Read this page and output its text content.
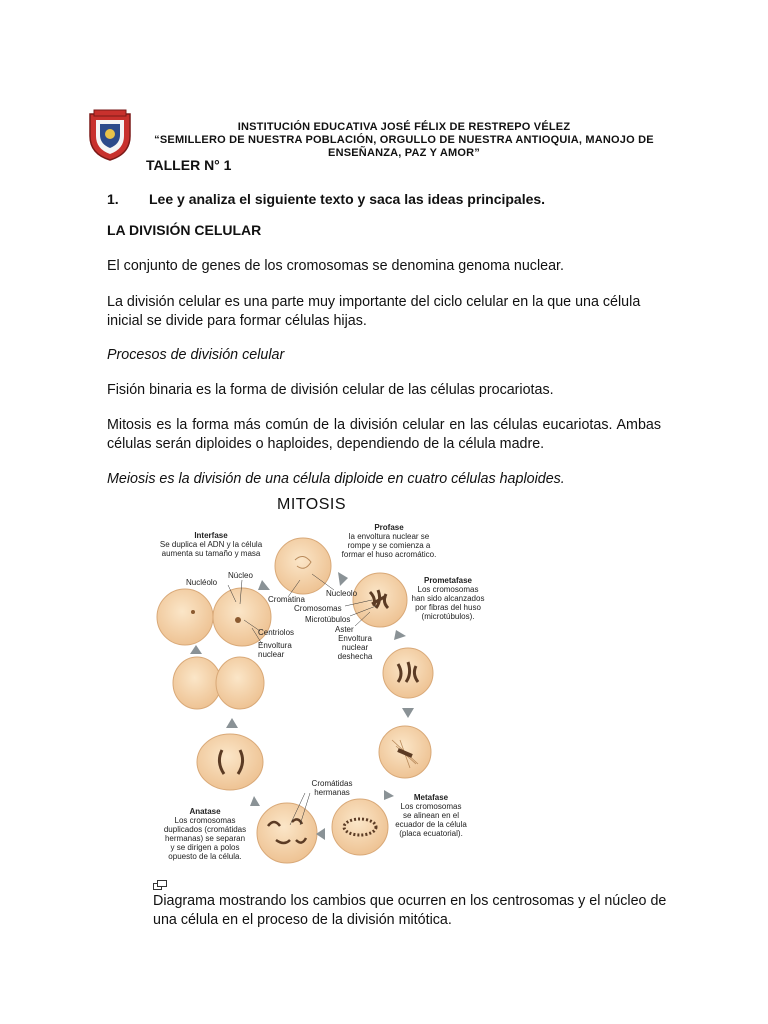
INSTITUCIÓN EDUCATIVA JOSÉ FÉLIX DE RESTREPO VÉLEZ
“SEMILLERO DE NUESTRA POBLACIÓN, ORGULLO DE NUESTRA ANTIOQUIA, MANOJO DE
ENSEÑANZA, PAZ Y AMOR”
TALLER N° 1
1. Lee y analiza el siguiente texto y saca las ideas principales.
LA DIVISIÓN CELULAR
El conjunto de genes de los cromosomas se denomina genoma nuclear.
La división celular es una parte muy importante del ciclo celular en la que una célula inicial se divide para formar células hijas.
Procesos de división celular
Fisión binaria es la forma de división celular de las células procariotas.
Mitosis es la forma más común de la división celular en las células eucariotas. Ambas células serán diploides o haploides, dependiendo de la célula madre.
Meiosis es la división de una célula diploide en cuatro células haploides.
MITOSIS
Interfase
Se duplica el ADN y la célula
aumenta su tamaño y masa
Profase
la envoltura nuclear se
rompe y se comienza a
formar el huso acromático.
Prometafase
Los cromosomas
han sido alcanzados
por fibras del huso
(microtúbulos).
Metafase
Los cromosomas
se alinean en el
ecuador de la célula
(placa ecuatorial).
Anatase
Los cromosomas
duplicados (cromátidas
hermanas) se separan
y se dirigen a polos
opuesto de la célula.
Nucléolo
Núcleo
Cromatina
Nucleolo
Cromosomas
Microtúbulos
Aster
Envoltura
nuclear
deshecha
Centriolos
Envoltura
nuclear
Cromátidas
hermanas
Diagrama mostrando los cambios que ocurren en los centrosomas y el núcleo de una célula en el proceso de la división mitótica.
